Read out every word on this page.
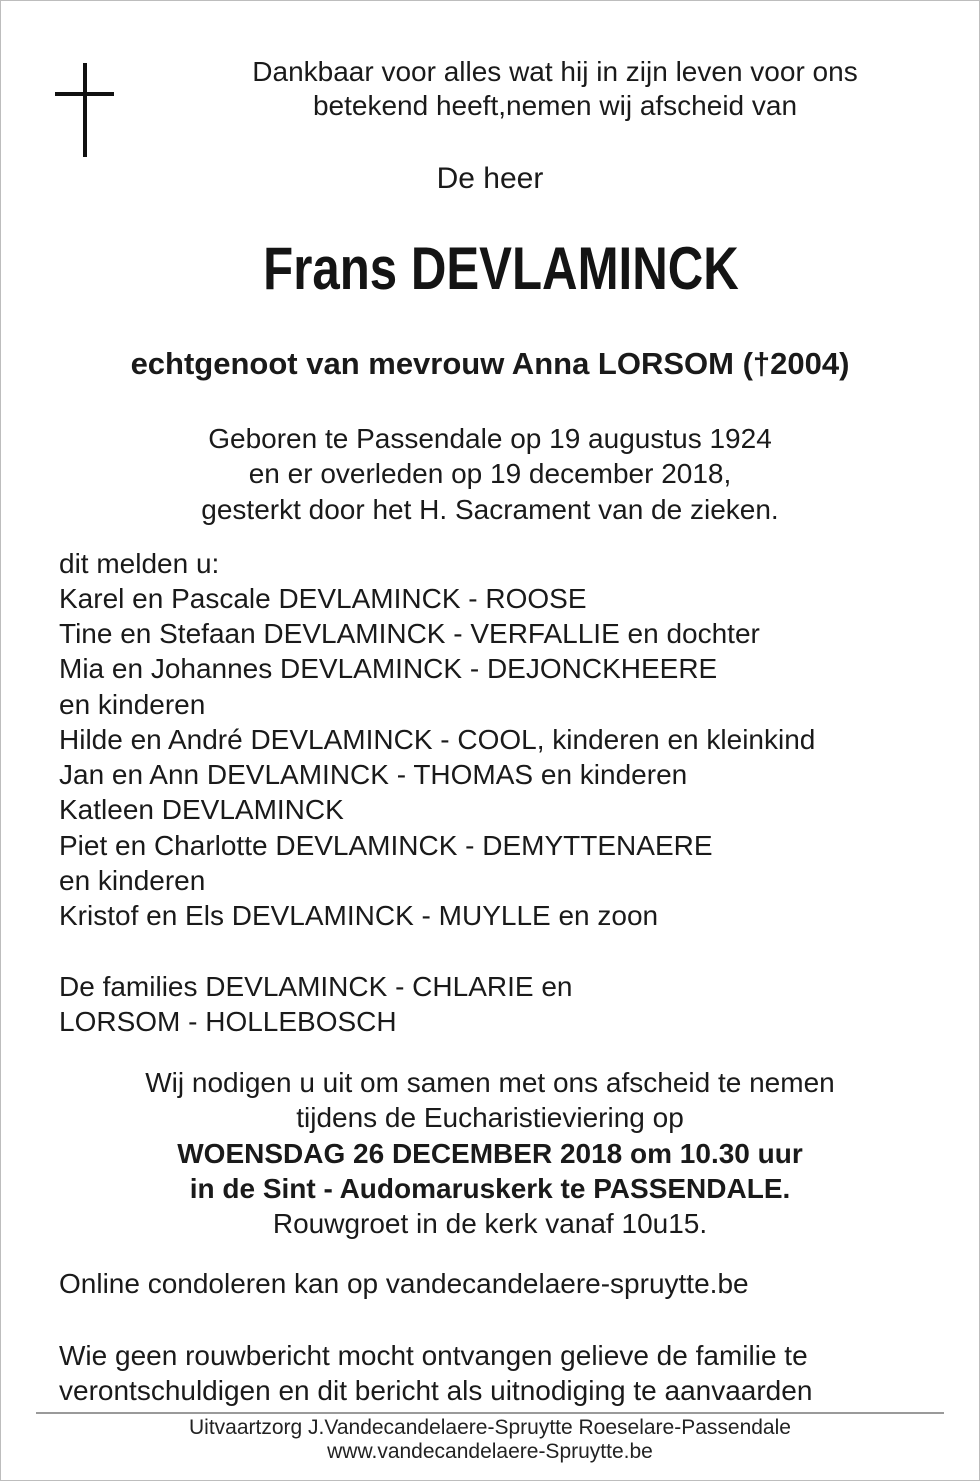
Dankbaar voor alles wat hij in zijn leven voor ons
betekend heeft,nemen wij afscheid van
De heer
Frans DEVLAMINCK
echtgenoot van mevrouw Anna LORSOM (†2004)
Geboren te Passendale op 19 augustus 1924
en er overleden op 19 december 2018,
gesterkt door het H. Sacrament van de zieken.
dit melden u:
Karel en Pascale DEVLAMINCK - ROOSE
Tine en Stefaan DEVLAMINCK - VERFALLIE en dochter
Mia en Johannes DEVLAMINCK - DEJONCKHEERE
en kinderen
Hilde en André DEVLAMINCK - COOL, kinderen en kleinkind
Jan en Ann DEVLAMINCK - THOMAS en kinderen
Katleen DEVLAMINCK
Piet en Charlotte DEVLAMINCK - DEMYTTENAERE
en kinderen
Kristof en Els DEVLAMINCK - MUYLLE en zoon
De families DEVLAMINCK - CHLARIE en
LORSOM - HOLLEBOSCH
Wij nodigen u uit om samen met ons afscheid te nemen
tijdens de Eucharistieviering op
WOENSDAG 26 DECEMBER 2018 om 10.30 uur
in de Sint - Audomaruskerk te PASSENDALE.
Rouwgroet in de kerk vanaf 10u15.
Online condoleren kan op vandecandelaere-spruytte.be
Wie geen rouwbericht mocht ontvangen gelieve de familie te
verontschuldigen en dit bericht als uitnodiging te aanvaarden
Uitvaartzorg J.Vandecandelaere-Spruytte Roeselare-Passendale
www.vandecandelaere-Spruytte.be
